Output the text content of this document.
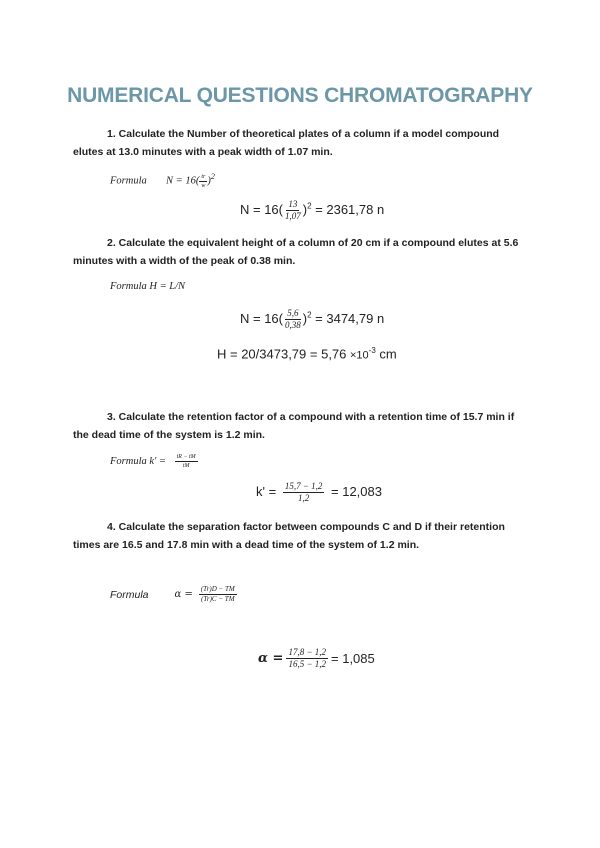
NUMERICAL QUESTIONS CHROMATOGRAPHY
1. Calculate the Number of theoretical plates of a column if a model compound
elutes at 13.0 minutes with a peak width of 1.07 min.
Formula $N = 16( \frac{tr}{w} )^2$
$N = 16( \frac{13}{1,07} )^2 = 2361,78$ n
2. Calculate the equivalent height of a column of 20 cm if a compound elutes at 5.6
minutes with a width of the peak of 0.38 min.
Formula H = L/N
$N = 16( \frac{5,6}{0,38} )^2 = 3474,79$ n
$H = 20/3473,79 = 5,76 \times 10^{-3}$ cm
3. Calculate the retention factor of a compound with a retention time of 15.7 min if
the dead time of the system is 1.2 min.
Formula $k' = \frac{tR - tM}{tM}$
$k' = \frac{15,7 - 1,2}{1,2} = 12,083$
4. Calculate the separation factor between compounds C and D if their retention
times are 16.5 and 17.8 min with a dead time of the system of 1.2 min.
Formula	$\alpha = \frac{(Tr)D - TM}{(Tr)C - TM}$
$\alpha = \frac{17,8 - 1,2}{16,5 - 1,2} = 1,085$
